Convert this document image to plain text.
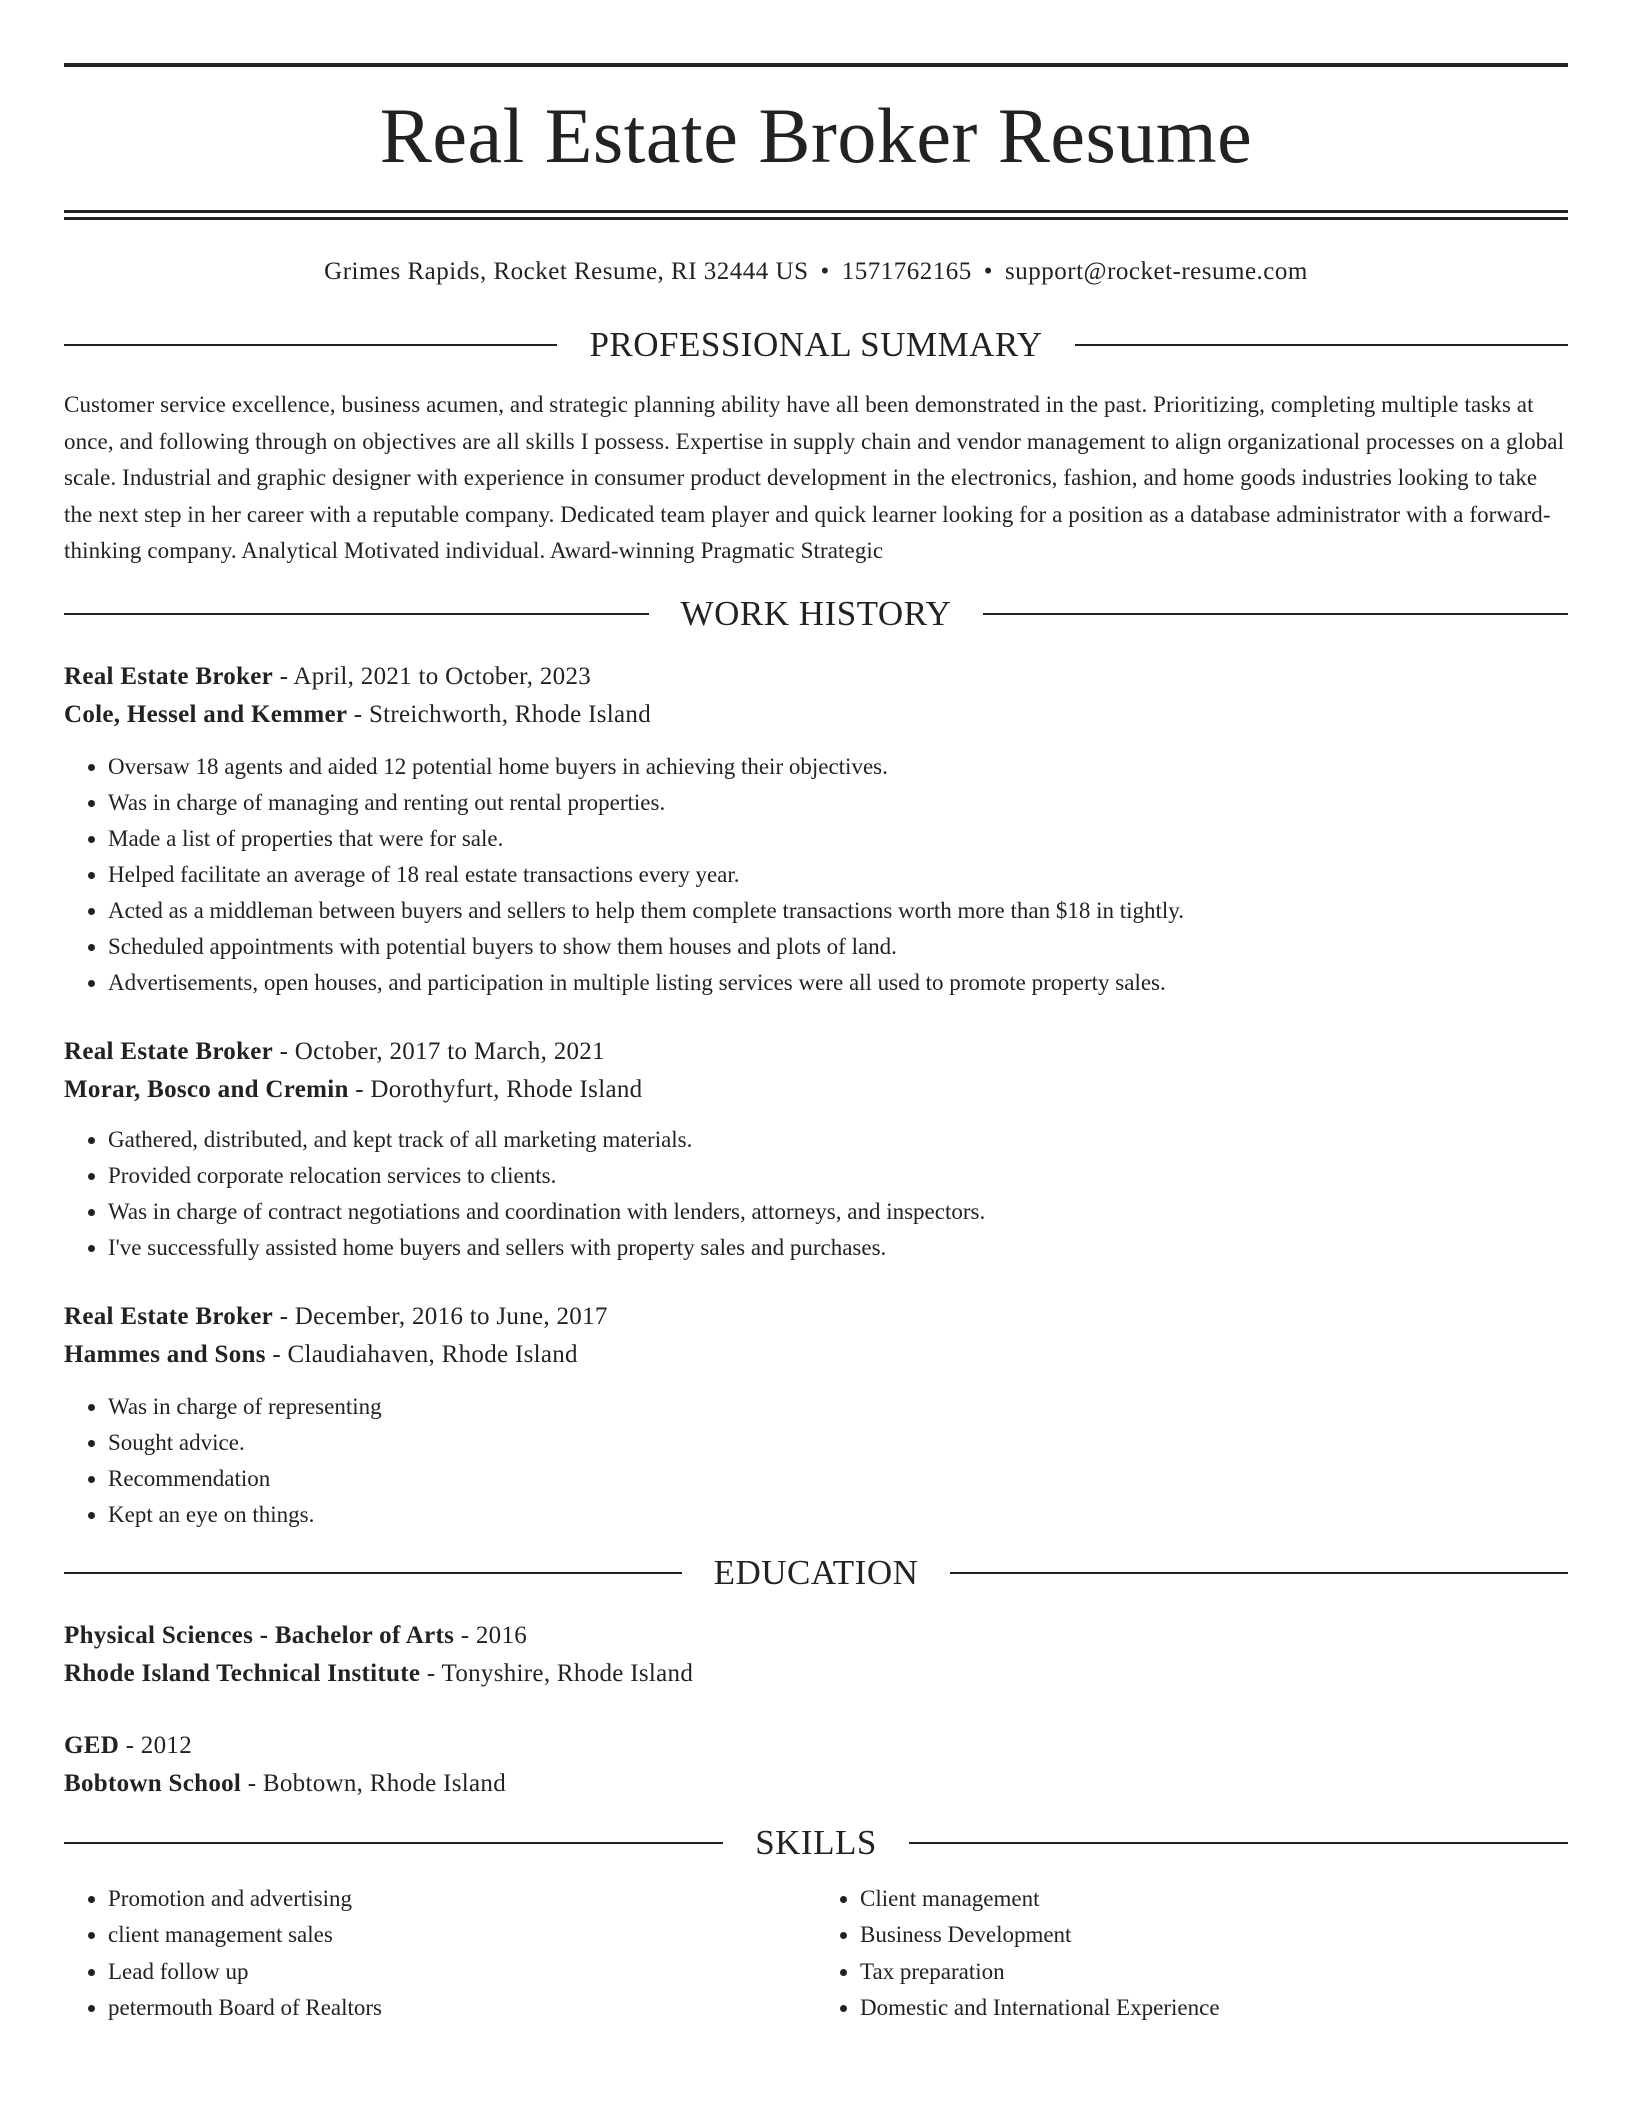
Real Estate Broker Resume
Grimes Rapids, Rocket Resume, RI 32444 US • 1571762165 • support@rocket-resume.com
PROFESSIONAL SUMMARY

Customer service excellence, business acumen, and strategic planning ability have all been demonstrated in the past. Prioritizing, completing multiple tasks at once, and following through on objectives are all skills I possess. Expertise in supply chain and vendor management to align organizational processes on a global scale. Industrial and graphic designer with experience in consumer product development in the electronics, fashion, and home goods industries looking to take the next step in her career with a reputable company. Dedicated team player and quick learner looking for a position as a database administrator with a forward-thinking company. Analytical Motivated individual. Award-winning Pragmatic Strategic

WORK HISTORY

Real Estate Broker - April, 2021 to October, 2023

Cole, Hessel and Kemmer - Streichworth, Rhode Island

• Oversaw 18 agents and aided 12 potential home buyers in achieving their objectives.
• Was in charge of managing and renting out rental properties.
• Made a list of properties that were for sale.
• Helped facilitate an average of 18 real estate transactions every year.
• Acted as a middleman between buyers and sellers to help them complete transactions worth more than $18 in tightly.
• Scheduled appointments with potential buyers to show them houses and plots of land.
• Advertisements, open houses, and participation in multiple listing services were all used to promote property sales.

Real Estate Broker - October, 2017 to March, 2021

Morar, Bosco and Cremin - Dorothyfurt, Rhode Island

• Gathered, distributed, and kept track of all marketing materials.
• Provided corporate relocation services to clients.
• Was in charge of contract negotiations and coordination with lenders, attorneys, and inspectors.
• I've successfully assisted home buyers and sellers with property sales and purchases.

Real Estate Broker - December, 2016 to June, 2017

Hammes and Sons - Claudiahaven, Rhode Island

• Was in charge of representing
• Sought advice.
• Recommendation
• Kept an eye on things.
EDUCATION

Physical Sciences - Bachelor of Arts - 2016

Rhode Island Technical Institute - Tonyshire, Rhode Island

GED - 2012

Bobtown School - Bobtown, Rhode Island

SKILLS
• Promotion and advertising
• client management sales
• Lead follow up
• petermouth Board of Realtors
• Client management
• Business Development
• Tax preparation
• Domestic and International Experience
